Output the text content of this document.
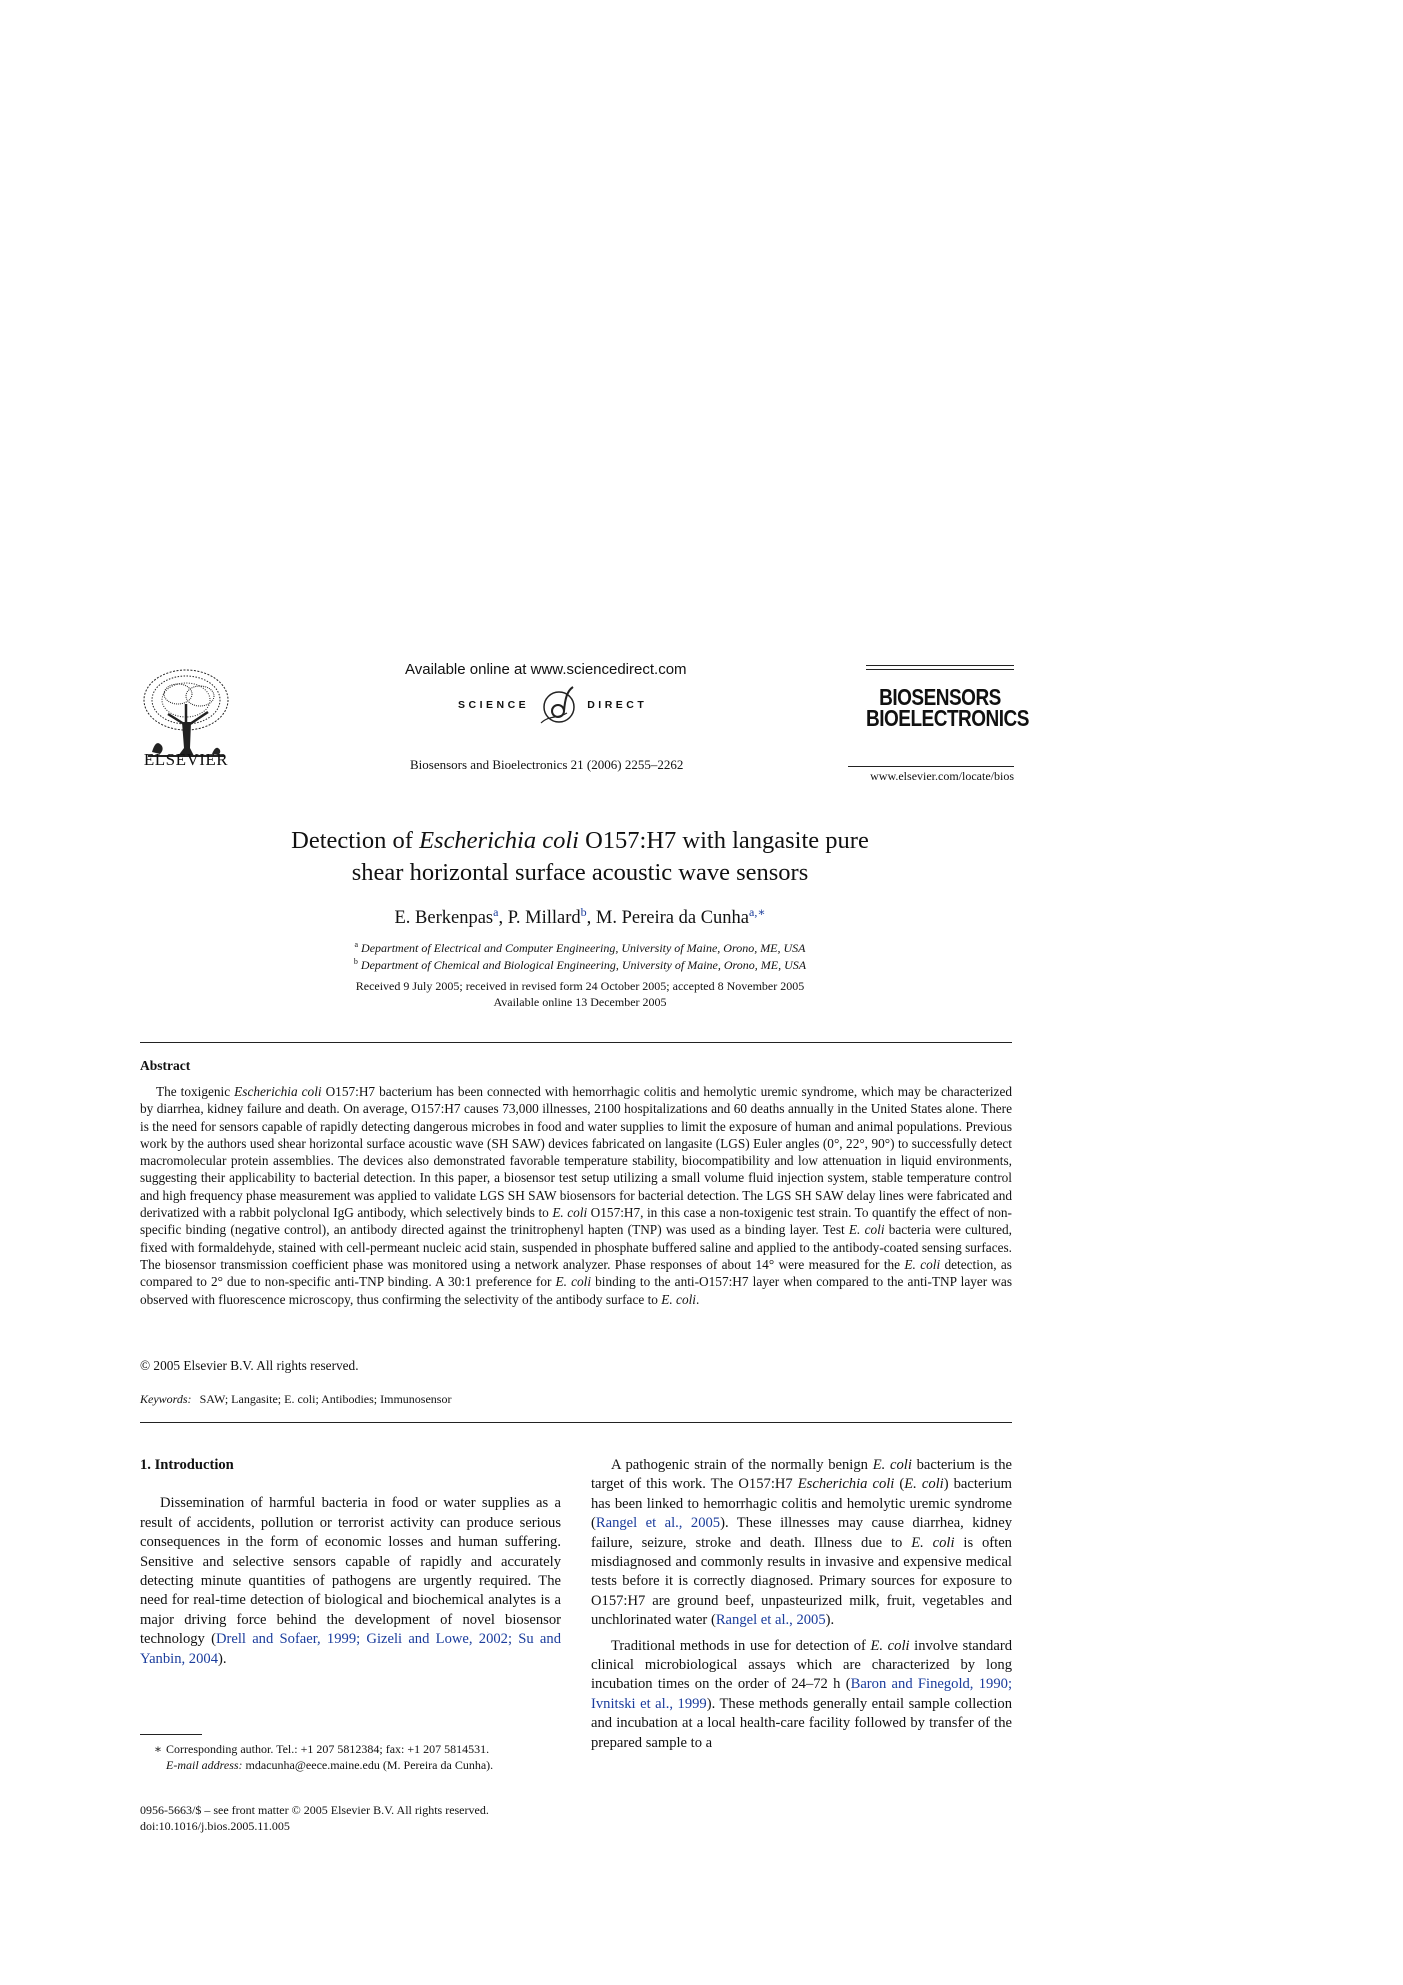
ELSEVIER
Available online at www.sciencedirect.com
SCIENCE	DIRECT
Biosensors and Bioelectronics 21 (2006) 2255–2262
BIOSENSORS
BIOELECTRONICS
www.elsevier.com/locate/bios
Detection of Escherichia coli O157:H7 with langasite pure
shear horizontal surface acoustic wave sensors
E. Berkenpas$^a$, P. Millard$^b$, M. Pereira da Cunha$^{a,∗}$
$^a$ Department of Electrical and Computer Engineering, University of Maine, Orono, ME, USA
$^b$ Department of Chemical and Biological Engineering, University of Maine, Orono, ME, USA
Received 9 July 2005; received in revised form 24 October 2005; accepted 8 November 2005
Available online 13 December 2005
Abstract
The toxigenic Escherichia coli O157:H7 bacterium has been connected with hemorrhagic colitis and hemolytic uremic syndrome, which may be characterized by diarrhea, kidney failure and death. On average, O157:H7 causes 73,000 illnesses, 2100 hospitalizations and 60 deaths annually in the United States alone. There is the need for sensors capable of rapidly detecting dangerous microbes in food and water supplies to limit the exposure of human and animal populations. Previous work by the authors used shear horizontal surface acoustic wave (SH SAW) devices fabricated on langasite (LGS) Euler angles (0°, 22°, 90°) to successfully detect macromolecular protein assemblies. The devices also demonstrated favorable temperature stability, biocompatibility and low attenuation in liquid environments, suggesting their applicability to bacterial detection. In this paper, a biosensor test setup utilizing a small volume fluid injection system, stable temperature control and high frequency phase measurement was applied to validate LGS SH SAW biosensors for bacterial detection. The LGS SH SAW delay lines were fabricated and derivatized with a rabbit polyclonal IgG antibody, which selectively binds to E. coli O157:H7, in this case a non-toxigenic test strain. To quantify the effect of non-specific binding (negative control), an antibody directed against the trinitrophenyl hapten (TNP) was used as a binding layer. Test E. coli bacteria were cultured, fixed with formaldehyde, stained with cell-permeant nucleic acid stain, suspended in phosphate buffered saline and applied to the antibody-coated sensing surfaces. The biosensor transmission coefficient phase was monitored using a network analyzer. Phase responses of about 14° were measured for the E. coli detection, as compared to 2° due to non-specific anti-TNP binding. A 30:1 preference for E. coli binding to the anti-O157:H7 layer when compared to the anti-TNP layer was observed with fluorescence microscopy, thus confirming the selectivity of the antibody surface to E. coli.
© 2005 Elsevier B.V. All rights reserved.
Keywords: SAW; Langasite; E. coli; Antibodies; Immunosensor
1. Introduction

Dissemination of harmful bacteria in food or water supplies as a result of accidents, pollution or terrorist activity can produce serious consequences in the form of economic losses and human suffering. Sensitive and selective sensors capable of rapidly and accurately detecting minute quantities of pathogens are urgently required. The need for real-time detection of biological and biochemical analytes is a major driving force behind the development of novel biosensor technology (Drell and Sofaer, 1999; Gizeli and Lowe, 2002; Su and Yanbin, 2004).

∗ Corresponding author. Tel.: +1 207 5812384; fax: +1 207 5814531.
E-mail address: mdacunha@eece.maine.edu (M. Pereira da Cunha).
0956-5663/$ – see front matter © 2005 Elsevier B.V. All rights reserved.
doi:10.1016/j.bios.2005.11.005

A pathogenic strain of the normally benign E. coli bacterium is the target of this work. The O157:H7 Escherichia coli (E. coli) bacterium has been linked to hemorrhagic colitis and hemolytic uremic syndrome (Rangel et al., 2005). These illnesses may cause diarrhea, kidney failure, seizure, stroke and death. Illness due to E. coli is often misdiagnosed and commonly results in invasive and expensive medical tests before it is correctly diagnosed. Primary sources for exposure to O157:H7 are ground beef, unpasteurized milk, fruit, vegetables and unchlorinated water (Rangel et al., 2005).

Traditional methods in use for detection of E. coli involve standard clinical microbiological assays which are characterized by long incubation times on the order of 24–72 h (Baron and Finegold, 1990; Ivnitski et al., 1999). These methods generally entail sample collection and incubation at a local health-care facility followed by transfer of the prepared sample to a
